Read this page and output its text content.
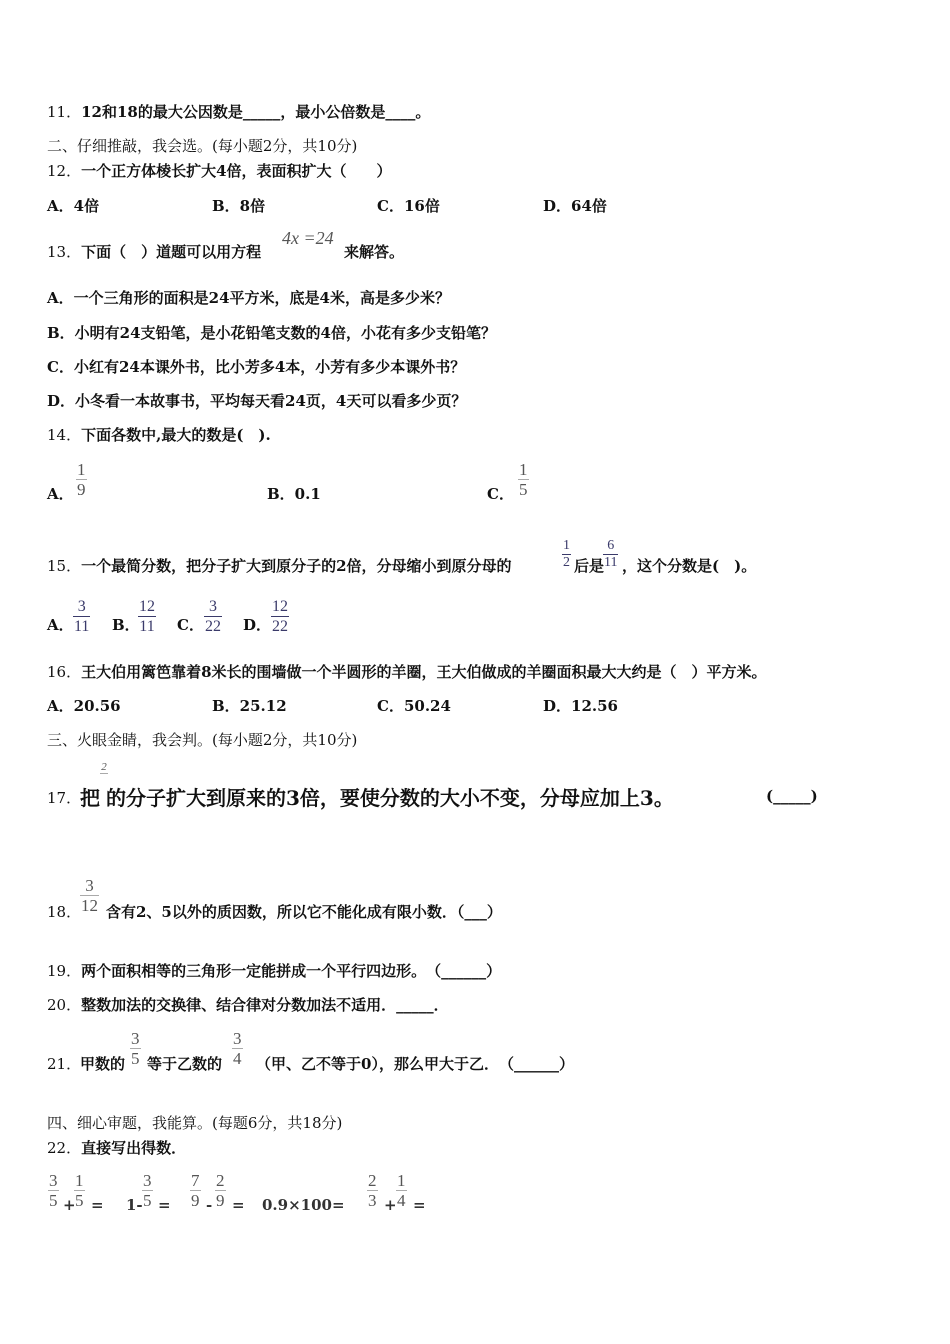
11．12和18的最大公因数是_____，最小公倍数是____。
二、仔细推敲，我会选。(每小题2分，共10分)
12．一个正方体棱长扩大4倍，表面积扩大（　　）
A．4倍	B．8倍	C．16倍	D．64倍
13．下面（　）道题可以用方程
4x =24
来解答。
A．一个三角形的面积是24平方米，底是4米，高是多少米？
B．小明有24支铅笔，是小花铅笔支数的4倍，小花有多少支铅笔？
C．小红有24本课外书，比小芳多4本，小芳有多少本课外书？
D．小冬看一本故事书，平均每天看24页，4天可以看多少页？
14．下面各数中,最大的数是(　).
A．
1
9	B．0.1	C．
1
5
15．一个最简分数，把分子扩大到原分子的2倍，分母缩小到原分母的
1
2 后是
6
11 ，这个分数是(　)。
A．
3
11 B．
12
11 C．
3
22 D．
12
22
16．王大伯用篱笆靠着8米长的围墙做一个半圆形的羊圈，王大伯做成的羊圈面积最大大约是（　）平方米。
A．20.56	B．25.12	C．50.24	D．12.56
三、火眼金睛，我会判。(每小题2分，共10分)
17．
把
2
的分子扩大到原来的3倍，要使分数的大小不变，分母应加上3。	(_____)
18．
3
12 含有2、5以外的质因数，所以它不能化成有限小数．（___）
19．两个面积相等的三角形一定能拼成一个平行四边形。　（______）
20．整数加法的交换律、结合律对分数加法不适用．_____．
21．
甲数的
3
5 等于乙数的
3
4 （甲、乙不等于0），那么甲大于乙．　（______）
四、细心审题，我能算。(每题6分，共18分)
22．直接写出得数．
3
5 +
1
5 = 1-
3
5 =
7
9 -
2
9 = 0.9×100=
2
3 +
1
4 =
